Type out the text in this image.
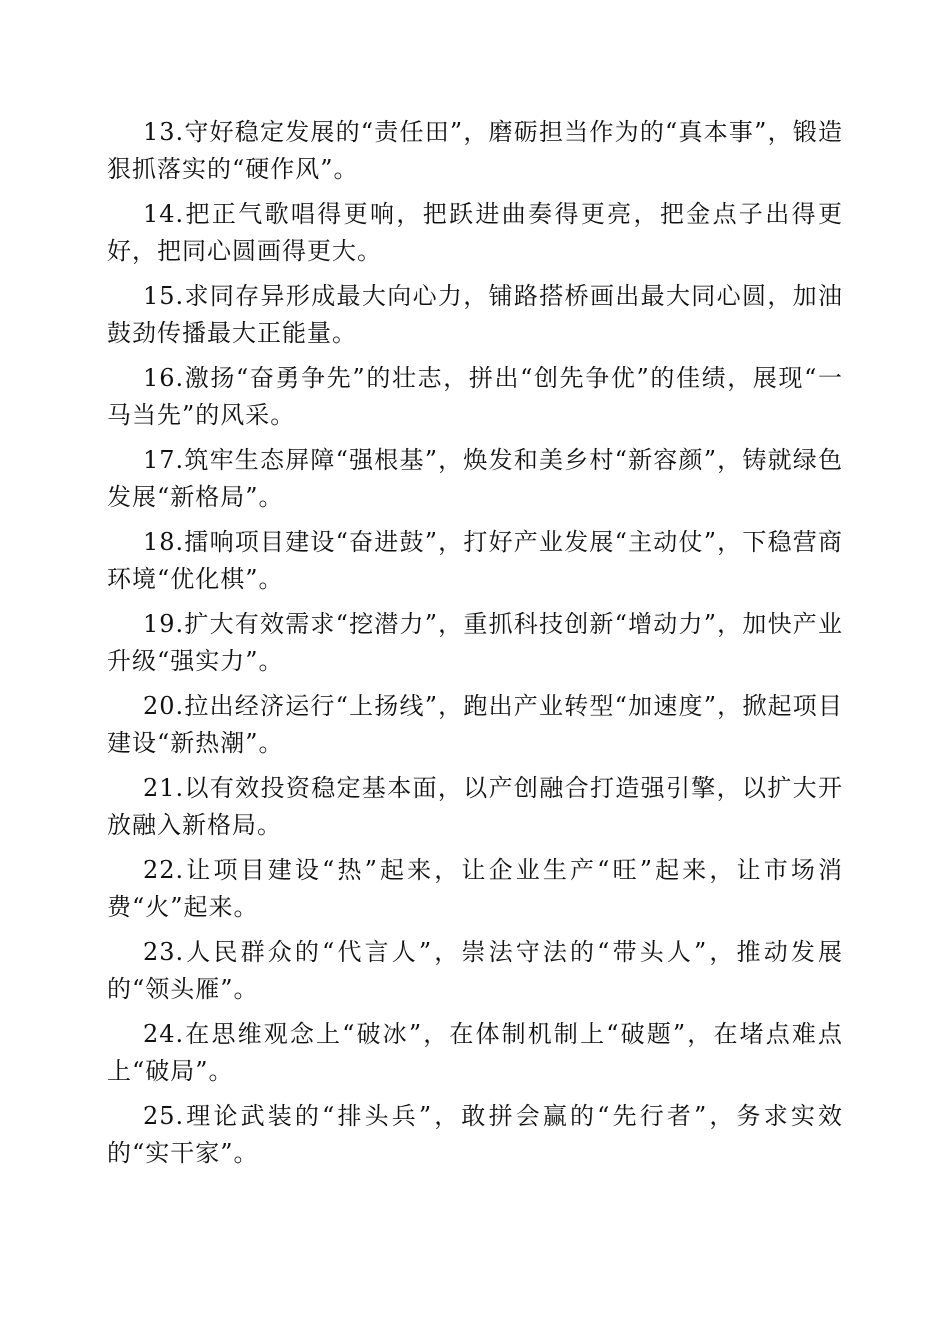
13.守好稳定发展的“责任田”，磨砺担当作为的“真本事”，锻造狠抓落实的“硬作风”。

14.把正气歌唱得更响，把跃进曲奏得更亮，把金点子出得更好，把同心圆画得更大。

15.求同存异形成最大向心力，铺路搭桥画出最大同心圆，加油鼓劲传播最大正能量。

16.激扬“奋勇争先”的壮志，拼出“创先争优”的佳绩，展现“一马当先”的风采。

17.筑牢生态屏障“强根基”，焕发和美乡村“新容颜”，铸就绿色发展“新格局”。

18.擂响项目建设“奋进鼓”，打好产业发展“主动仗”，下稳营商环境“优化棋”。

19.扩大有效需求“挖潜力”，重抓科技创新“增动力”，加快产业升级“强实力”。

20.拉出经济运行“上扬线”，跑出产业转型“加速度”，掀起项目建设“新热潮”。

21.以有效投资稳定基本面，以产创融合打造强引擎，以扩大开放融入新格局。

22.让项目建设“热”起来，让企业生产“旺”起来，让市场消费“火”起来。

23.人民群众的“代言人”，崇法守法的“带头人”，推动发展的“领头雁”。

24.在思维观念上“破冰”，在体制机制上“破题”，在堵点难点上“破局”。

25.理论武装的“排头兵”，敢拼会赢的“先行者”，务求实效的“实干家”。
